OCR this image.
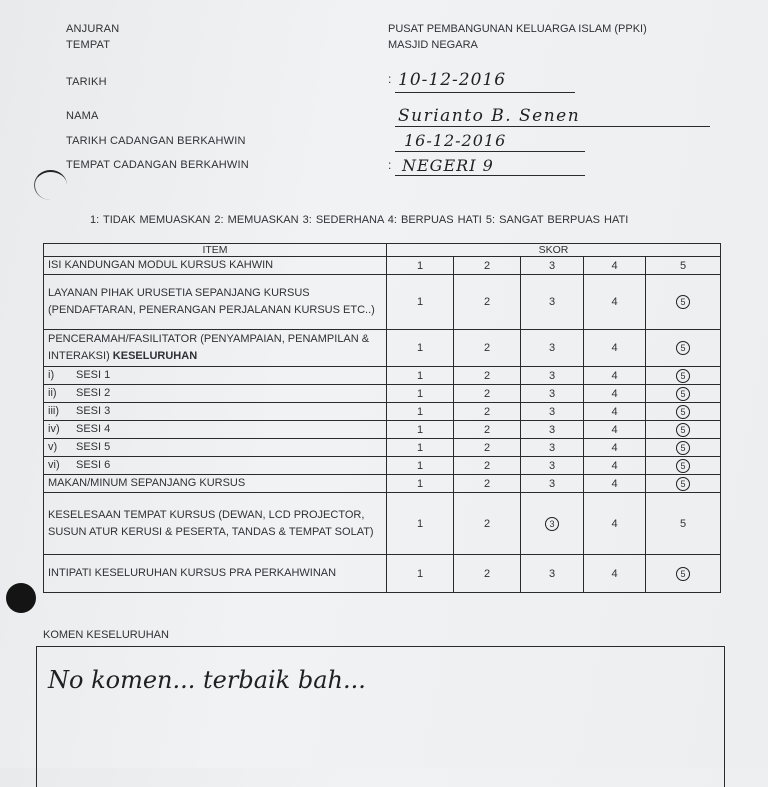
ANJURAN	PUSAT PEMBANGUNAN KELUARGA ISLAM (PPKI)
TEMPAT	MASJID NEGARA
TARIKH	: 10-12-2016
NAMA	Surianto B. Senen
TARIKH CADANGAN BERKAHWIN	16-12-2016
TEMPAT CADANGAN BERKAHWIN	: NEGERI 9
1: TIDAK MEMUASKAN 2: MEMUASKAN 3: SEDERHANA 4: BERPUAS HATI 5: SANGAT BERPUAS HATI
ITEM	SKOR				
ISI KANDUNGAN MODUL KURSUS KAHWIN	1	2	3	4	5
LAYANAN PIHAK URUSETIA SEPANJANG KURSUS (PENDAFTARAN, PENERANGAN PERJALANAN KURSUS ETC..)	1	2	3	4	5
PENCERAMAH/FASILITATOR (PENYAMPAIAN, PENAMPILAN & INTERAKSI) KESELURUHAN	1	2	3	4	5
i) SESI 1	1	2	3	4	5
ii) SESI 2	1	2	3	4	5
iii) SESI 3	1	2	3	4	5
iv) SESI 4	1	2	3	4	5
v) SESI 5	1	2	3	4	5
vi) SESI 6	1	2	3	4	5
MAKAN/MINUM SEPANJANG KURSUS	1	2	3	4	5
KESELESAAN TEMPAT KURSUS (DEWAN, LCD PROJECTOR, SUSUN ATUR KERUSI & PESERTA, TANDAS & TEMPAT SOLAT)	1	2	3	4	5
INTIPATI KESELURUHAN KURSUS PRA PERKAHWINAN	1	2	3	4	5
KOMEN KESELURUHAN
No komen... terbaik bah...
